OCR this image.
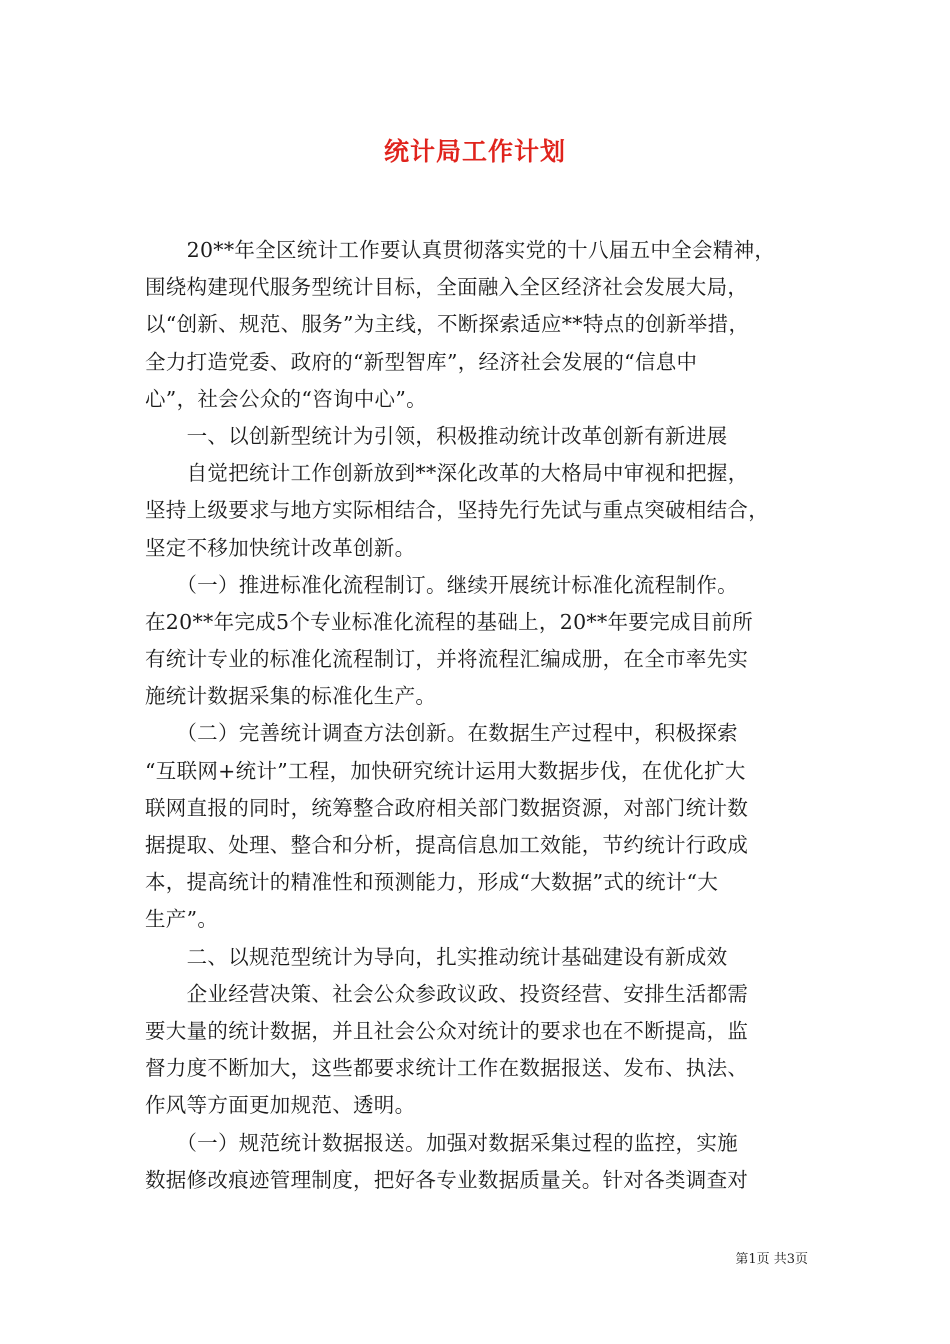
统计局工作计划
　　20**年全区统计工作要认真贯彻落实党的十八届五中全会精神，
围绕构建现代服务型统计目标，全面融入全区经济社会发展大局，
以“创新、规范、服务”为主线，不断探索适应**特点的创新举措，
全力打造党委、政府的“新型智库”，经济社会发展的“信息中
心”，社会公众的“咨询中心”。
　　一、以创新型统计为引领，积极推动统计改革创新有新进展
　　自觉把统计工作创新放到**深化改革的大格局中审视和把握，
坚持上级要求与地方实际相结合，坚持先行先试与重点突破相结合，
坚定不移加快统计改革创新。
　　（一）推进标准化流程制订。继续开展统计标准化流程制作。
在20**年完成5个专业标准化流程的基础上，20**年要完成目前所
有统计专业的标准化流程制订，并将流程汇编成册，在全市率先实
施统计数据采集的标准化生产。
　　（二）完善统计调查方法创新。在数据生产过程中，积极探索
“互联网+统计”工程，加快研究统计运用大数据步伐，在优化扩大
联网直报的同时，统筹整合政府相关部门数据资源，对部门统计数
据提取、处理、整合和分析，提高信息加工效能，节约统计行政成
本，提高统计的精准性和预测能力，形成“大数据”式的统计“大
生产”。
　　二、以规范型统计为导向，扎实推动统计基础建设有新成效
　　企业经营决策、社会公众参政议政、投资经营、安排生活都需
要大量的统计数据，并且社会公众对统计的要求也在不断提高，监
督力度不断加大，这些都要求统计工作在数据报送、发布、执法、
作风等方面更加规范、透明。
　　（一）规范统计数据报送。加强对数据采集过程的监控，实施
数据修改痕迹管理制度，把好各专业数据质量关。针对各类调查对
第1页 共3页
